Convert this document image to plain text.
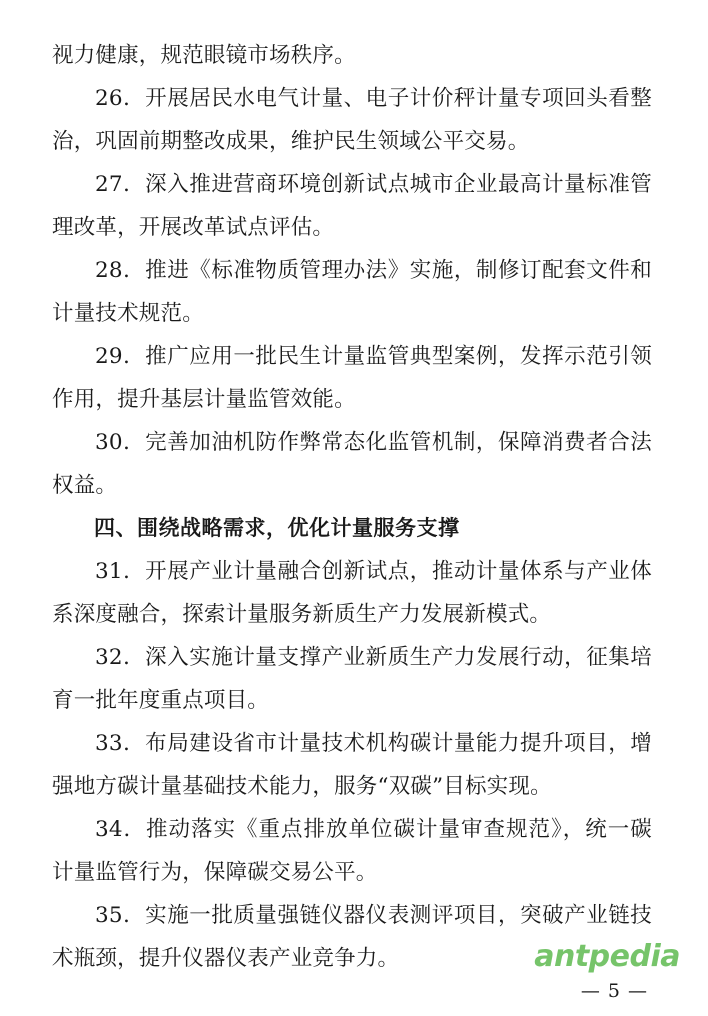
视力健康，规范眼镜市场秩序。

26．开展居民水电气计量、电子计价秤计量专项回头看整治，巩固前期整改成果，维护民生领域公平交易。

27．深入推进营商环境创新试点城市企业最高计量标准管理改革，开展改革试点评估。

28．推进《标准物质管理办法》实施，制修订配套文件和计量技术规范。

29．推广应用一批民生计量监管典型案例，发挥示范引领作用，提升基层计量监管效能。

30．完善加油机防作弊常态化监管机制，保障消费者合法权益。

四、围绕战略需求，优化计量服务支撑

31．开展产业计量融合创新试点，推动计量体系与产业体系深度融合，探索计量服务新质生产力发展新模式。

32．深入实施计量支撑产业新质生产力发展行动，征集培育一批年度重点项目。

33．布局建设省市计量技术机构碳计量能力提升项目，增强地方碳计量基础技术能力，服务“双碳”目标实现。

34．推动落实《重点排放单位碳计量审查规范》，统一碳计量监管行为，保障碳交易公平。

35．实施一批质量强链仪器仪表测评项目，突破产业链技术瓶颈，提升仪器仪表产业竞争力。	antpedia
— 5 —
